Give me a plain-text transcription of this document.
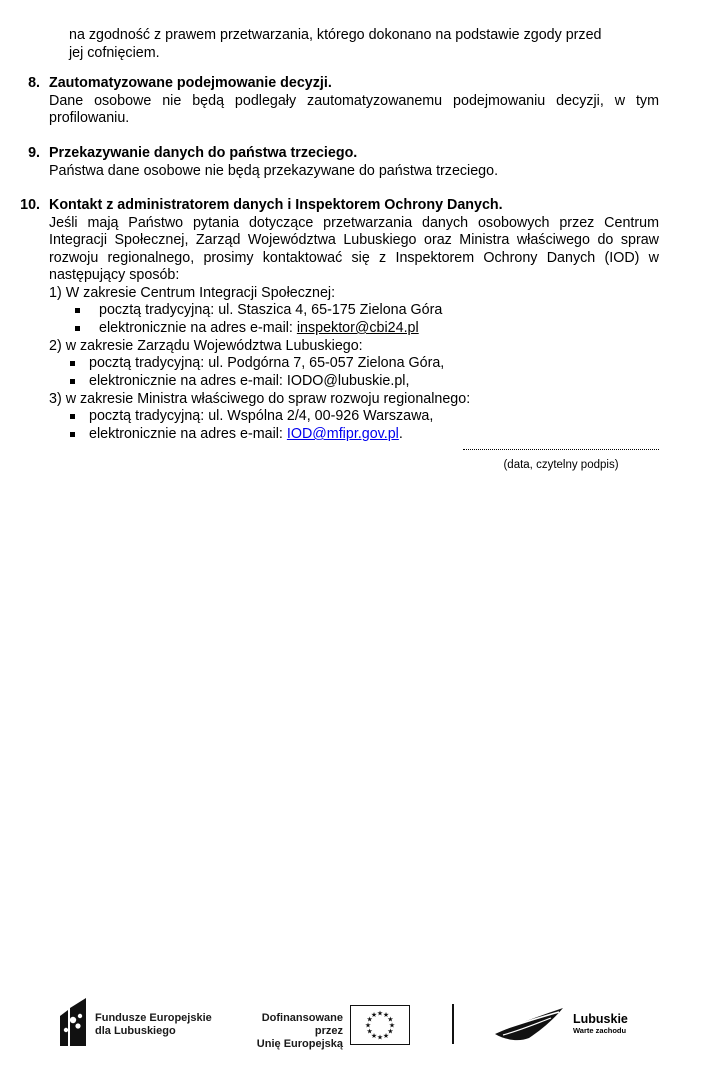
na zgodność z prawem przetwarzania, którego dokonano na podstawie zgody przed
jej cofnięciem.
8. Zautomatyzowane podejmowanie decyzji.
Dane osobowe nie będą podlegały zautomatyzowanemu podejmowaniu decyzji, w tym profilowaniu.
9. Przekazywanie danych do państwa trzeciego.
Państwa dane osobowe nie będą przekazywane do państwa trzeciego.
10. Kontakt z administratorem danych i Inspektorem Ochrony Danych.
Jeśli mają Państwo pytania dotyczące przetwarzania danych osobowych przez Centrum Integracji Społecznej, Zarząd Województwa Lubuskiego oraz Ministra właściwego do spraw rozwoju regionalnego, prosimy kontaktować się z Inspektorem Ochrony Danych (IOD) w następujący sposób:
1) W zakresie Centrum Integracji Społecznej:
pocztą tradycyjną: ul. Staszica 4, 65-175 Zielona Góra
elektronicznie na adres e-mail: inspektor@cbi24.pl
2) w zakresie Zarządu Województwa Lubuskiego:
pocztą tradycyjną: ul. Podgórna 7, 65-057 Zielona Góra,
elektronicznie na adres e-mail: IODO@lubuskie.pl,
3) w zakresie Ministra właściwego do spraw rozwoju regionalnego:
pocztą tradycyjną: ul. Wspólna 2/4, 00-926 Warszawa,
elektronicznie na adres e-mail: IOD@mfipr.gov.pl.
(data, czytelny podpis)
Fundusze Europejskie
dla Lubuskiego
Dofinansowane przez
Unię Europejską
★
★
★
★
★
★
★
★
★ ★ ★
★	Lubuskie
Warte zachodu
